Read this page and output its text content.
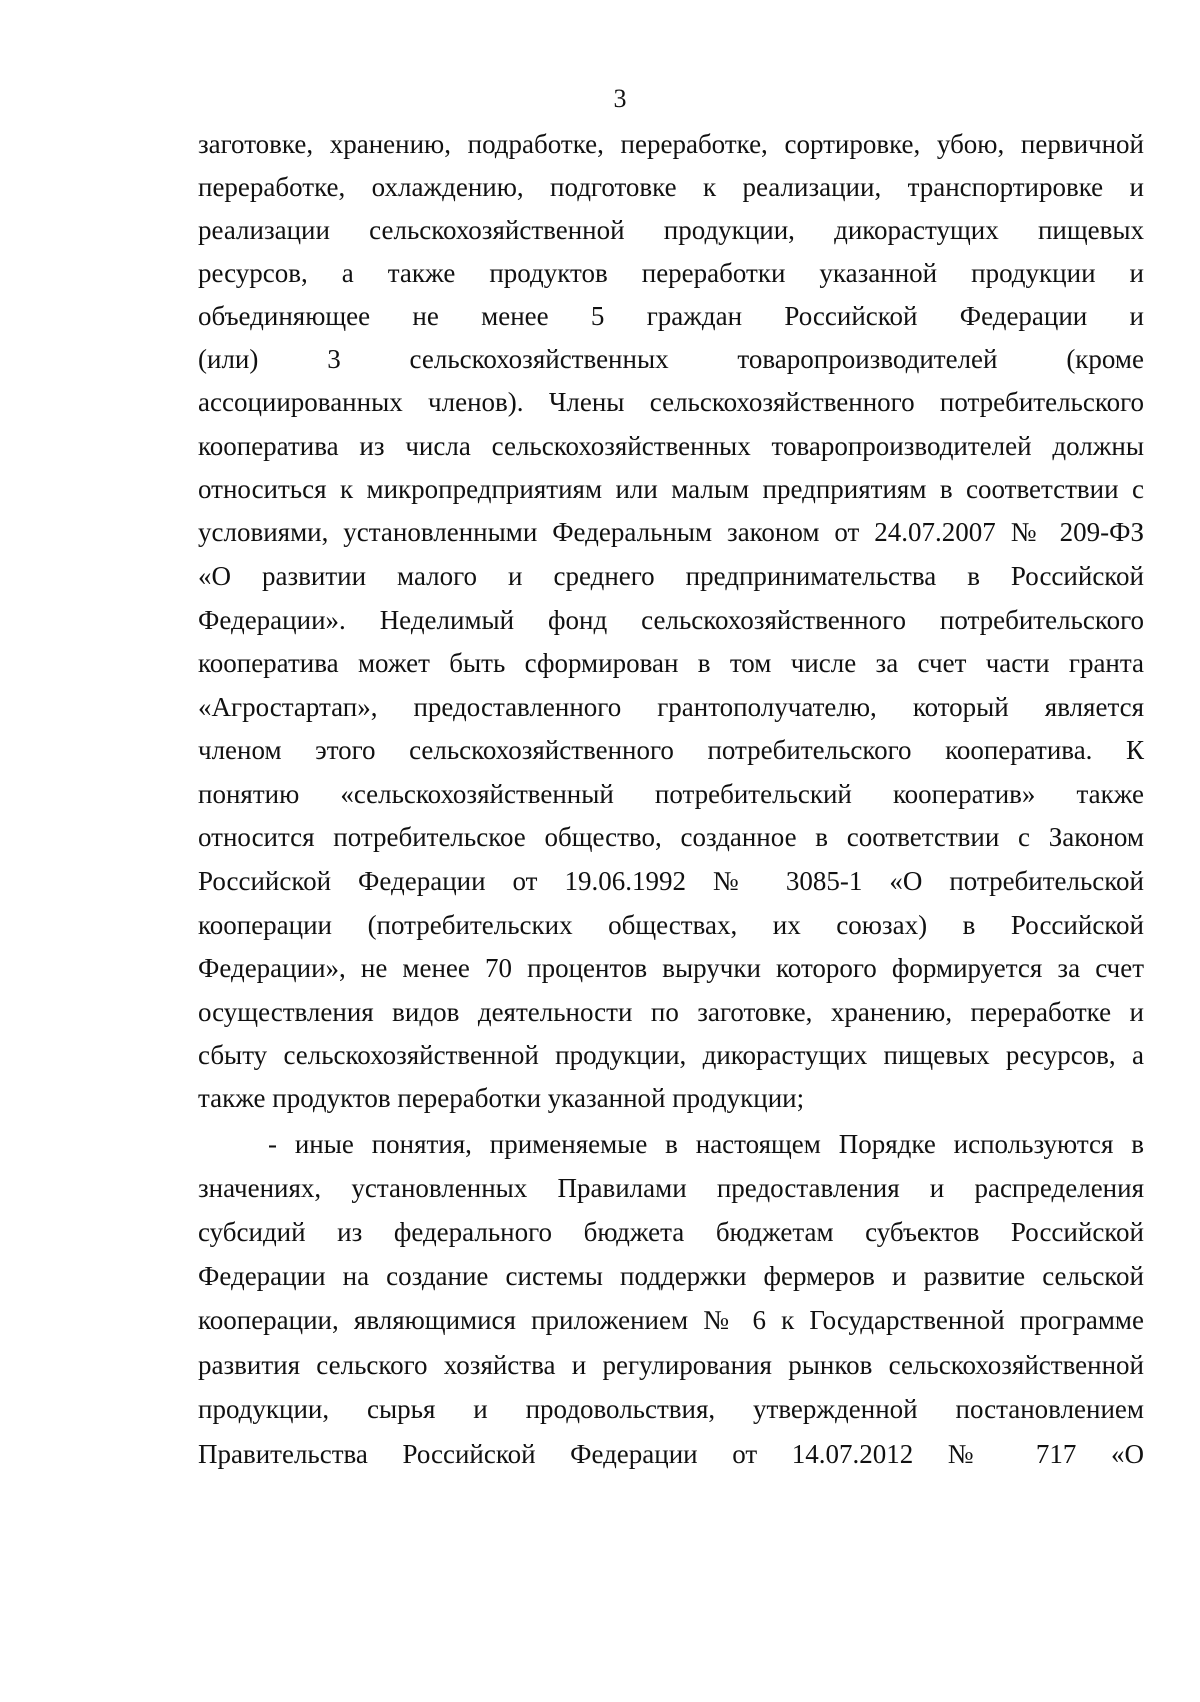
3
заготовке, хранению, подработке, переработке, сортировке, убою, первичной
переработке, охлаждению, подготовке к реализации, транспортировке и
реализации сельскохозяйственной продукции, дикорастущих пищевых
ресурсов, а также продуктов переработки указанной продукции и
объединяющее не менее 5 граждан Российской Федерации и
(или) 3 сельскохозяйственных товаропроизводителей (кроме
ассоциированных членов). Члены сельскохозяйственного потребительского
кооператива из числа сельскохозяйственных товаропроизводителей должны
относиться к микропредприятиям или малым предприятиям в соответствии с
условиями, установленными Федеральным законом от 24.07.2007 № 209-ФЗ
«О развитии малого и среднего предпринимательства в Российской
Федерации». Неделимый фонд сельскохозяйственного потребительского
кооператива может быть сформирован в том числе за счет части гранта
«Агростартап», предоставленного грантополучателю, который является
членом этого сельскохозяйственного потребительского кооператива. К
понятию «сельскохозяйственный потребительский кооператив» также
относится потребительское общество, созданное в соответствии с Законом
Российской Федерации от 19.06.1992 № 3085-1 «О потребительской
кооперации (потребительских обществах, их союзах) в Российской
Федерации», не менее 70 процентов выручки которого формируется за счет
осуществления видов деятельности по заготовке, хранению, переработке и
сбыту сельскохозяйственной продукции, дикорастущих пищевых ресурсов, а
также продуктов переработки указанной продукции;
- иные понятия, применяемые в настоящем Порядке используются в
значениях, установленных Правилами предоставления и распределения
субсидий из федерального бюджета бюджетам субъектов Российской
Федерации на создание системы поддержки фермеров и развитие сельской
кооперации, являющимися приложением № 6 к Государственной программе
развития сельского хозяйства и регулирования рынков сельскохозяйственной
продукции, сырья и продовольствия, утвержденной постановлением
Правительства Российской Федерации от 14.07.2012 № 717 «О
